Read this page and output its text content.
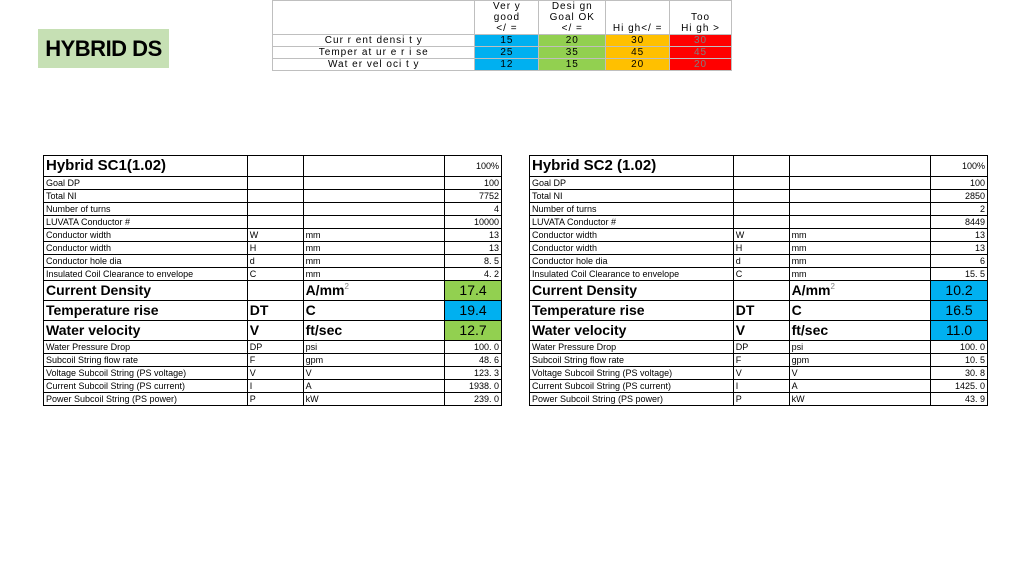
HYBRID DS
	Ver y	Desi gn		
	good	Goal OK		Too
	</ =	</ =	Hi gh</ =	Hi gh >
Cur r ent densi t y	15	20	30	30
Temper at ur e r i se	25	35	45	45
Wat er vel oci t y	12	15	20	20
Hybrid SC1(1.02)			100%
Goal DP			100
Total NI			7752
Number of turns			4
LUVATA Conductor #			10000
Conductor width	W	mm	13
Conductor width	H	mm	13
Conductor hole dia	d	mm	8. 5
Insulated Coil Clearance to envelope	C	mm	4. 2
Current Density		$A/mm^2$	17.4
Temperature rise	DT	C	19.4
Water velocity	V	ft/sec	12.7
Water Pressure Drop	DP	psi	100. 0
Subcoil String flow rate	F	gpm	48. 6
Voltage Subcoil String (PS voltage)	V	V	123. 3
Current Subcoil String (PS current)	I	A	1938. 0
Power Subcoil String (PS power)	P	kW	239. 0
Hybrid SC2 (1.02)			100%
Goal DP			100
Total NI			2850
Number of turns			2
LUVATA Conductor #			8449
Conductor width	W	mm	13
Conductor width	H	mm	13
Conductor hole dia	d	mm	6
Insulated Coil Clearance to envelope	C	mm	15. 5
Current Density		$A/mm^2$	10.2
Temperature rise	DT	C	16.5
Water velocity	V	ft/sec	11.0
Water Pressure Drop	DP	psi	100. 0
Subcoil String flow rate	F	gpm	10. 5
Voltage Subcoil String (PS voltage)	V	V	30. 8
Current Subcoil String (PS current)	I	A	1425. 0
Power Subcoil String (PS power)	P	kW	43. 9
